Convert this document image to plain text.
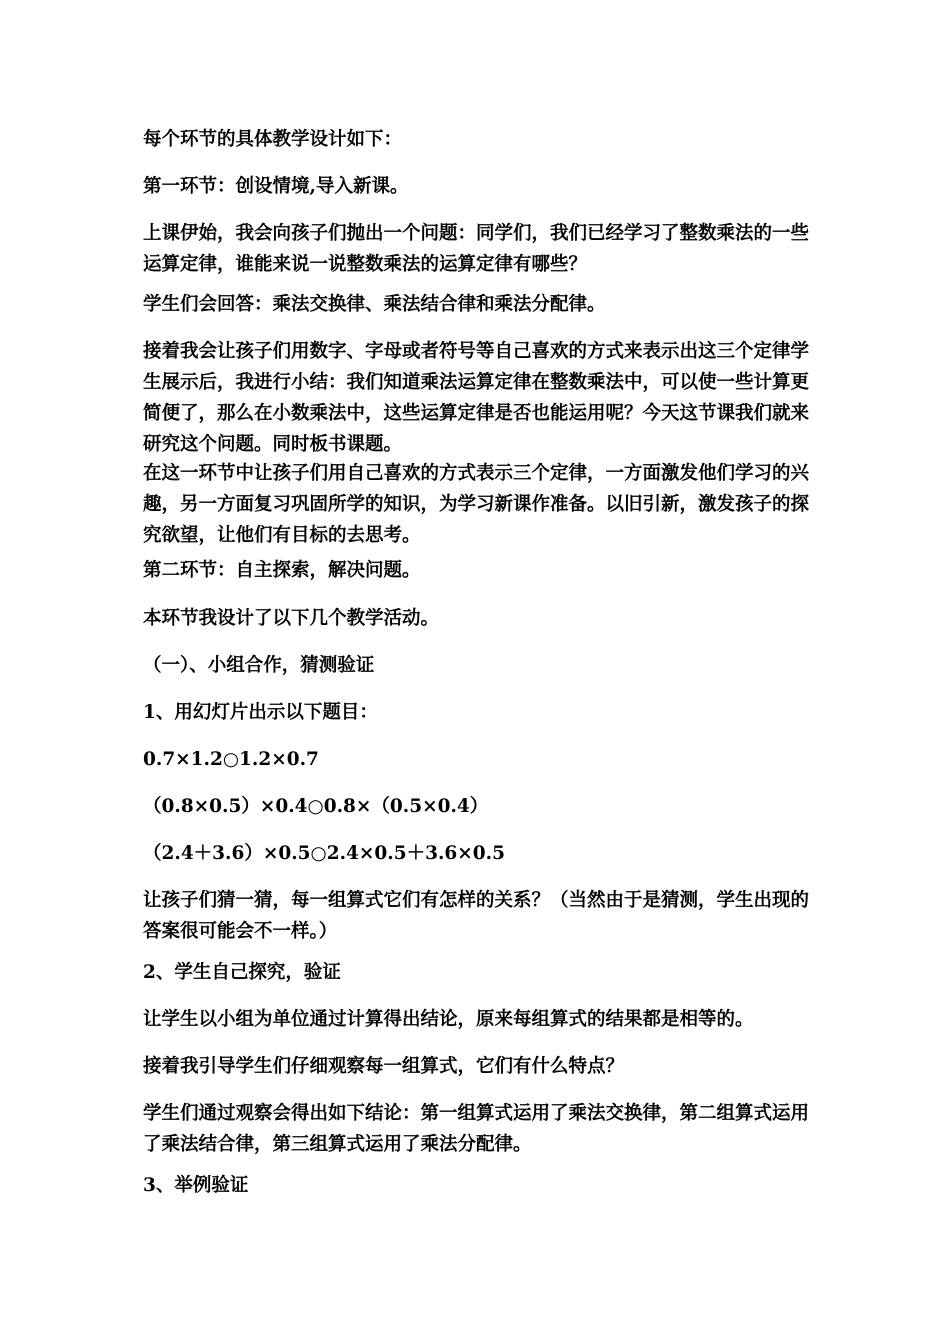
每个环节的具体教学设计如下：

第一环节：创设情境,导入新课。

上课伊始，我会向孩子们抛出一个问题：同学们，我们已经学习了整数乘法的一些运算定律，谁能来说一说整数乘法的运算定律有哪些？

学生们会回答：乘法交换律、乘法结合律和乘法分配律。

接着我会让孩子们用数字、字母或者符号等自己喜欢的方式来表示出这三个定律学生展示后，我进行小结：我们知道乘法运算定律在整数乘法中，可以使一些计算更简便了，那么在小数乘法中，这些运算定律是否也能运用呢？今天这节课我们就来研究这个问题。同时板书课题。

在这一环节中让孩子们用自己喜欢的方式表示三个定律，一方面激发他们学习的兴趣，另一方面复习巩固所学的知识，为学习新课作准备。以旧引新，激发孩子的探究欲望，让他们有目标的去思考。

第二环节：自主探索，解决问题。

本环节我设计了以下几个教学活动。

（一）、小组合作，猜测验证

1、用幻灯片出示以下题目：

0.7×1.2○1.2×0.7

（0.8×0.5）×0.4○0.8×（0.5×0.4）

（2.4＋3.6）×0.5○2.4×0.5＋3.6×0.5

让孩子们猜一猜，每一组算式它们有怎样的关系？（当然由于是猜测，学生出现的答案很可能会不一样。）

2、学生自己探究，验证

让学生以小组为单位通过计算得出结论，原来每组算式的结果都是相等的。

接着我引导学生们仔细观察每一组算式，它们有什么特点？

学生们通过观察会得出如下结论：第一组算式运用了乘法交换律，第二组算式运用了乘法结合律，第三组算式运用了乘法分配律。

3、举例验证
